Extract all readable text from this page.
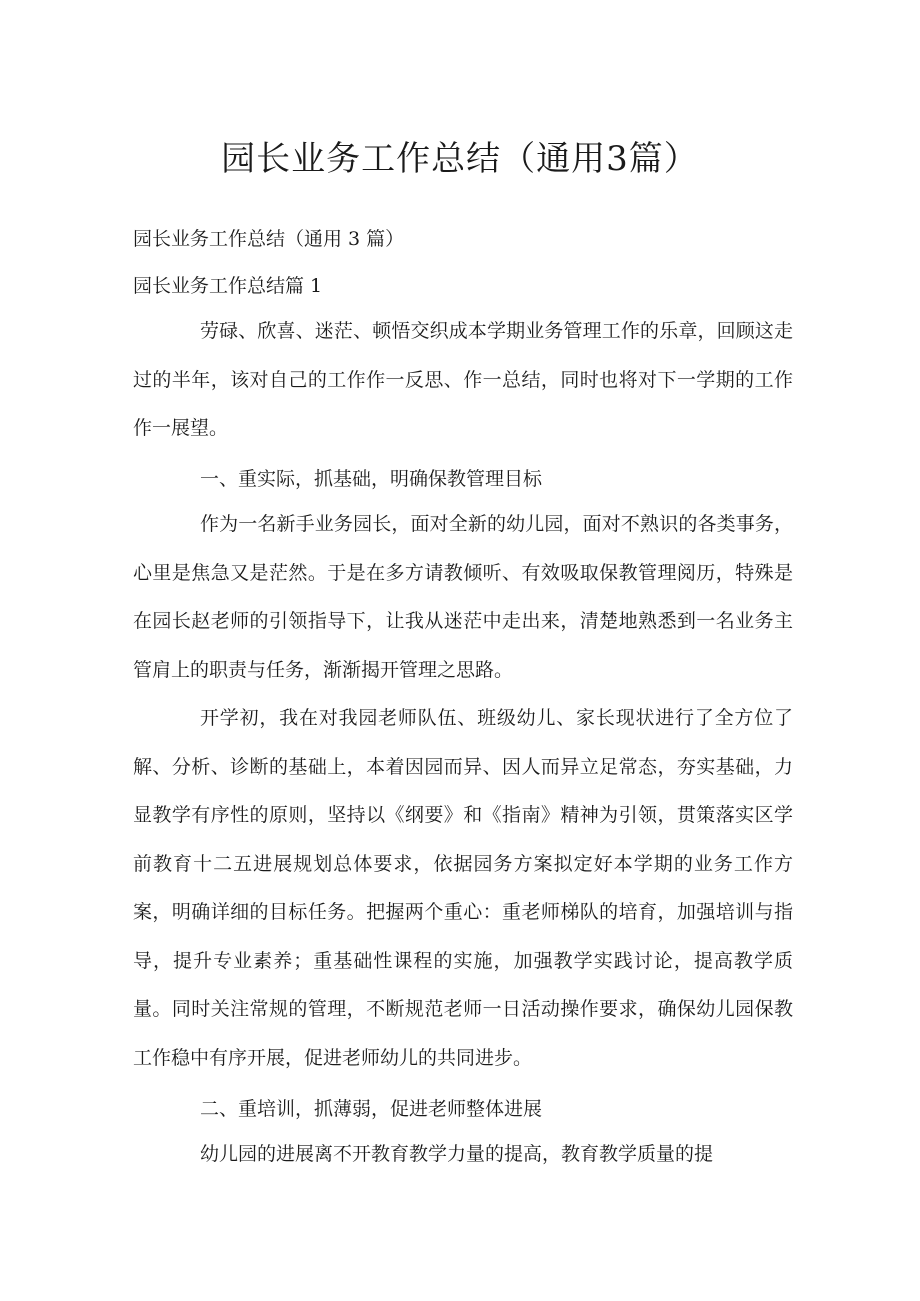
园长业务工作总结（通用3篇）
园长业务工作总结（通用 3 篇）
园长业务工作总结篇 1
劳碌、欣喜、迷茫、顿悟交织成本学期业务管理工作的乐章，回顾这走过的半年，该对自己的工作作一反思、作一总结，同时也将对下一学期的工作作一展望。
一、重实际，抓基础，明确保教管理目标
作为一名新手业务园长，面对全新的幼儿园，面对不熟识的各类事务，心里是焦急又是茫然。于是在多方请教倾听、有效吸取保教管理阅历，特殊是在园长赵老师的引领指导下，让我从迷茫中走出来，清楚地熟悉到一名业务主管肩上的职责与任务，渐渐揭开管理之思路。
开学初，我在对我园老师队伍、班级幼儿、家长现状进行了全方位了解、分析、诊断的基础上，本着因园而异、因人而异立足常态，夯实基础，力显教学有序性的原则，坚持以《纲要》和《指南》精神为引领，贯策落实区学前教育十二五进展规划总体要求，依据园务方案拟定好本学期的业务工作方案，明确详细的目标任务。把握两个重心：重老师梯队的培育，加强培训与指导，提升专业素养；重基础性课程的实施，加强教学实践讨论，提高教学质量。同时关注常规的管理，不断规范老师一日活动操作要求，确保幼儿园保教工作稳中有序开展，促进老师幼儿的共同进步。
二、重培训，抓薄弱，促进老师整体进展
幼儿园的进展离不开教育教学力量的提高，教育教学质量的提
